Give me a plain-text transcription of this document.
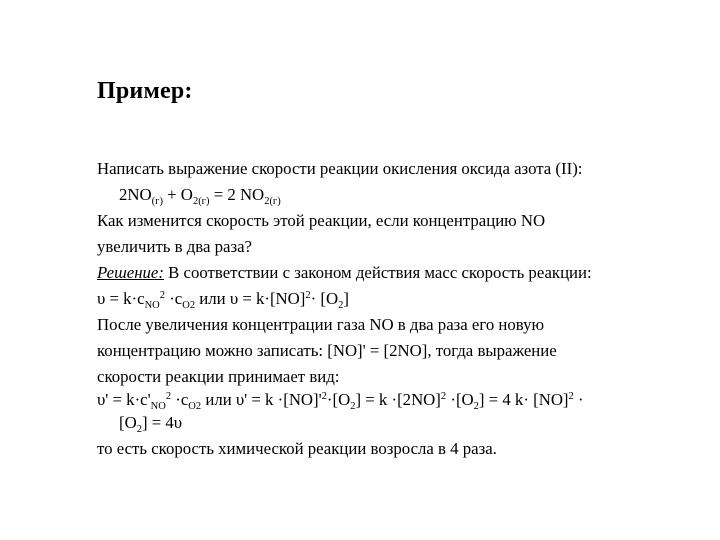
Пример:
Написать выражение скорости реакции окисления оксида азота (II):
$2NO_{(г)} + O_{2(г)} = 2$ $NO_{2(г)}$
Как изменится скорость этой реакции, если концентрацию NO
увеличить в два раза?
Решение: В соответствии с законом действия масс скорость реакции:
$\upsilon = k\cdot c_{NO}^2 \cdot c_{O2}$ или $\upsilon = k\cdot[NO]^2\cdot [O_2]$
После увеличения концентрации газа NO в два раза его новую
концентрацию можно записать: [NO]' = [2NO], тогда выражение
скорости реакции принимает вид:
$\upsilon' = k\cdot c'_{NO}^2 \cdot c_{O2}$ или $\upsilon' = k \cdot[NO]'^2\cdot[O_2] = k \cdot[2NO]^2 \cdot[O_2] = 4$ k· [NO]$^2$ ·
$[O_2] = 4\upsilon$
то есть скорость химической реакции возросла в 4 раза.
